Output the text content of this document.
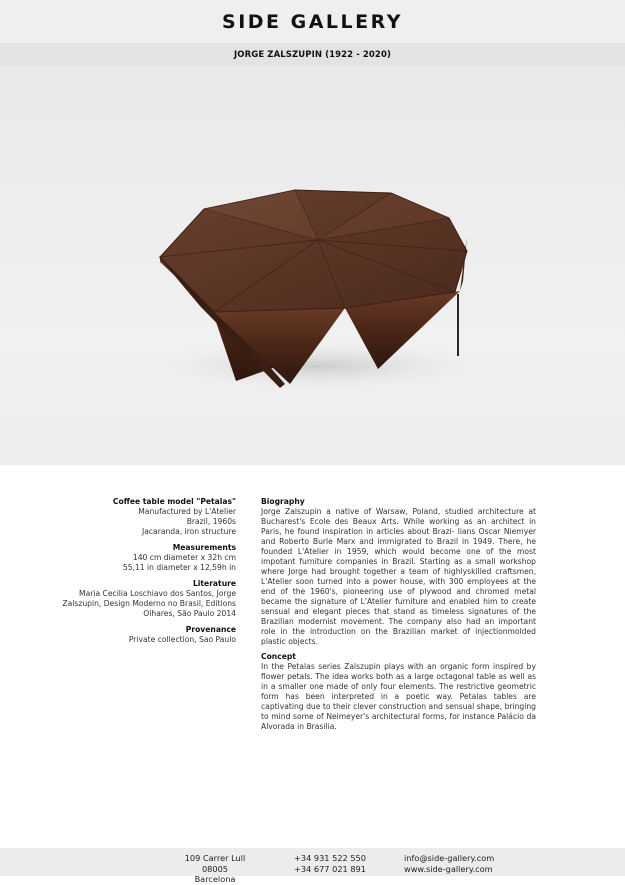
SIDE GALLERY
JORGE ZALSZUPIN (1922 - 2020)
Coffee table model "Petalas"
Manufactured by L'Atelier
Brazil, 1960s
Jacaranda, iron structure
Measurements
140 cm diameter x 32h cm
55,11 in diameter x 12,59h in
Literature
Maria Cecilia Loschiavo dos Santos, Jorge
Zalszupin, Design Moderno no Brasil, Editions
Olhares, São Paulo 2014
Provenance
Private collection, Sao Paulo
Biography

Jorge Zalszupin a native of Warsaw, Poland, studied architecture at Bucharest's Ecole des Beaux Arts. While working as an architect in Paris, he found inspiration in articles about Brazi- lians Oscar Niemyer and Roberto Burle Marx and immigrated to Brazil in 1949. There, he founded L'Atelier in 1959, which would become one of the most impotant furniture companies in Brazil. Starting as a small workshop where Jorge had brought together a team of highlyskilled craftsmen, L'Atelier soon turned into a power house, with 300 employees at the end of the 1960's, pioneering use of plywood and chromed metal became the signature of L'Atelier furniture and enabled him to create sensual and elegant pieces that stand as timeless signatures of the Brazilian modernist movement. The company also had an important role in the introduction on the Brazilian market of injectionmolded plastic objects.

Concept

In the Petalas series Zalszupin plays with an organic form inspired by flower petals. The idea works both as a large octagonal table as well as in a smaller one made of only four elements. The restrictive geometric form has been interpreted in a poetic way. Petalas tables are captivating due to their clever construction and sensual shape, bringing to mind some of Neimeyer's architectural forms, for instance Palácio da Alvorada in Brasilia.

109 Carrer Lull
08005 Barcelona
+34 931 522 550
+34 677 021 891
info@side-gallery.com
www.side-gallery.com
